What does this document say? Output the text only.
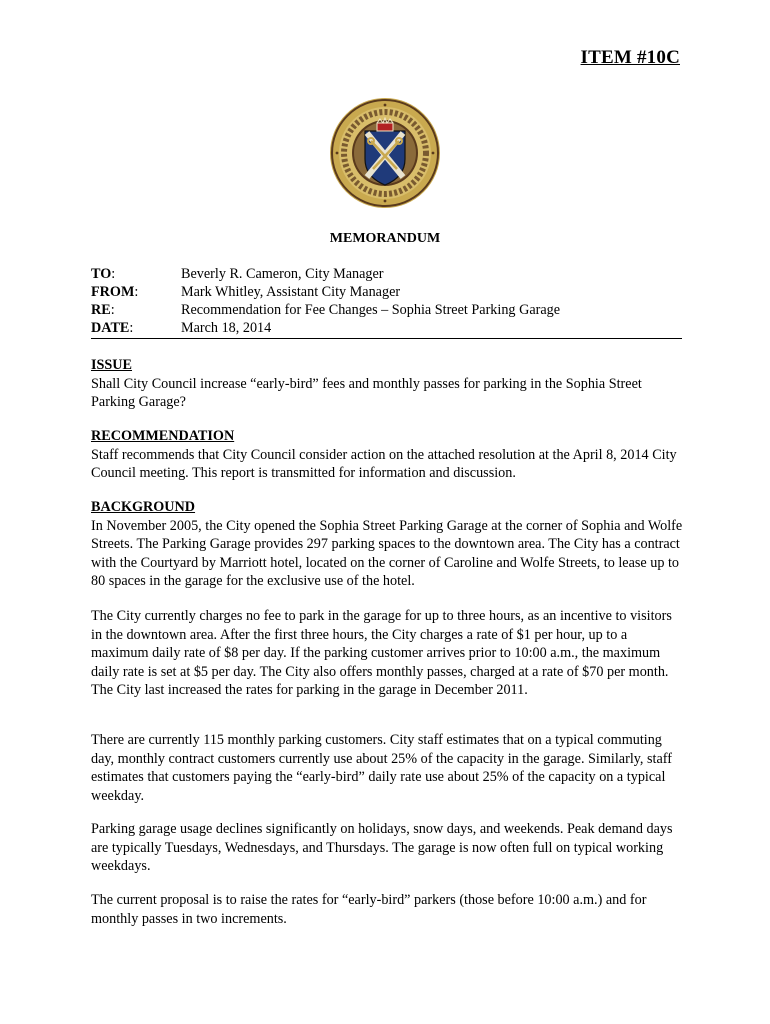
ITEM #10C
MEMORANDUM
TO:	Beverly R. Cameron, City Manager
FROM:	Mark Whitley, Assistant City Manager
RE:	Recommendation for Fee Changes – Sophia Street Parking Garage
DATE:	March 18, 2014
ISSUE

Shall City Council increase “early-bird” fees and monthly passes for parking in the Sophia Street Parking Garage?

RECOMMENDATION

Staff recommends that City Council consider action on the attached resolution at the April 8, 2014 City Council meeting. This report is transmitted for information and discussion.

BACKGROUND

In November 2005, the City opened the Sophia Street Parking Garage at the corner of Sophia and Wolfe Streets. The Parking Garage provides 297 parking spaces to the downtown area. The City has a contract with the Courtyard by Marriott hotel, located on the corner of Caroline and Wolfe Streets, to lease up to 80 spaces in the garage for the exclusive use of the hotel.

The City currently charges no fee to park in the garage for up to three hours, as an incentive to visitors in the downtown area. After the first three hours, the City charges a rate of $1 per hour, up to a maximum daily rate of $8 per day. If the parking customer arrives prior to 10:00 a.m., the maximum daily rate is set at $5 per day. The City also offers monthly passes, charged at a rate of $70 per month. The City last increased the rates for parking in the garage in December 2011.

There are currently 115 monthly parking customers. City staff estimates that on a typical commuting day, monthly contract customers currently use about 25% of the capacity in the garage. Similarly, staff estimates that customers paying the “early-bird” daily rate use about 25% of the capacity on a typical weekday.

Parking garage usage declines significantly on holidays, snow days, and weekends. Peak demand days are typically Tuesdays, Wednesdays, and Thursdays. The garage is now often full on typical working weekdays.

The current proposal is to raise the rates for “early-bird” parkers (those before 10:00 a.m.) and for monthly passes in two increments.
